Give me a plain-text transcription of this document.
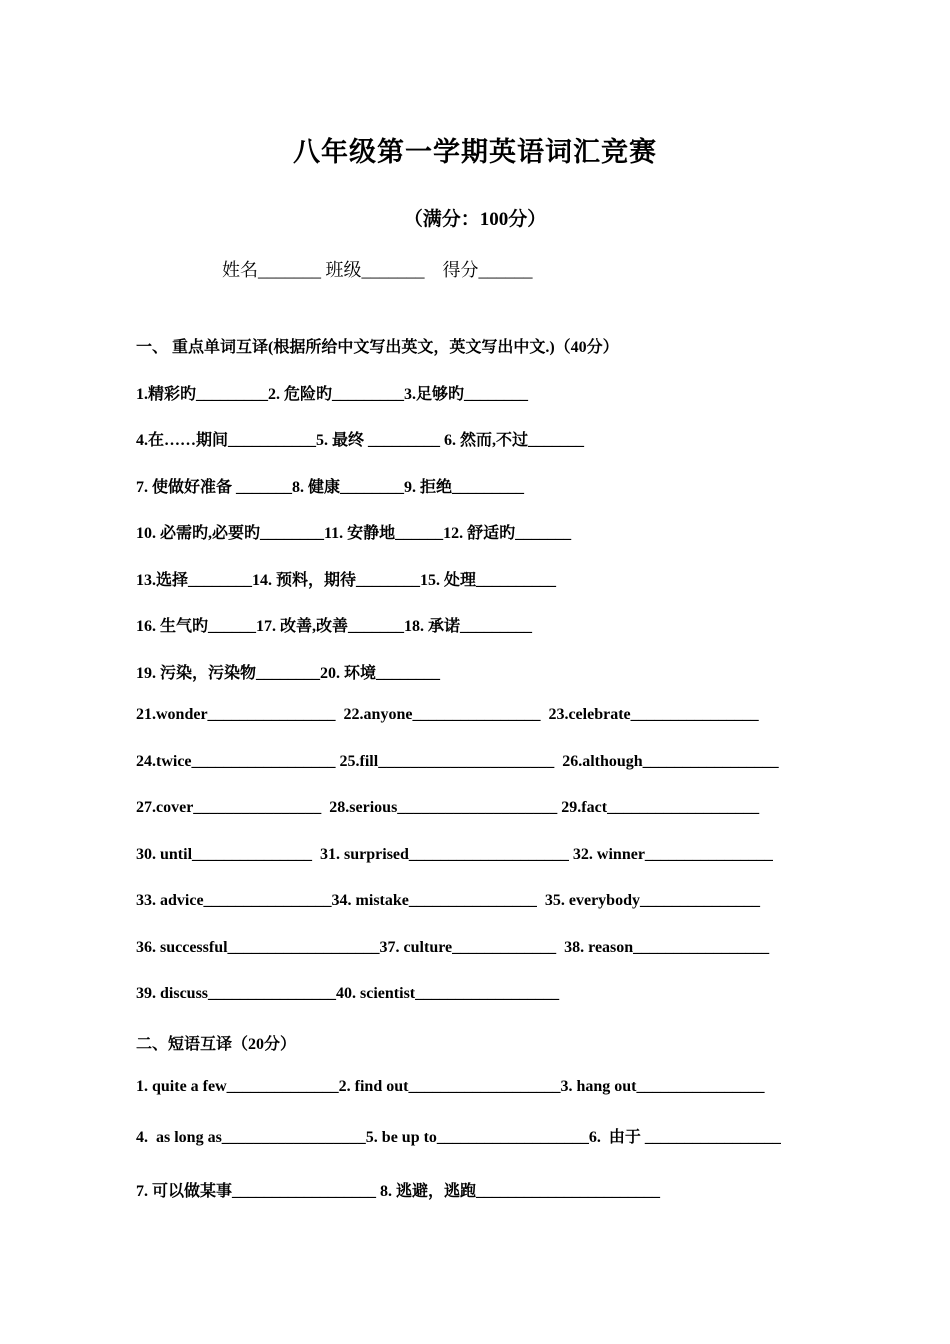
八年级第一学期英语词汇竞赛
（满分：100分）
姓名_______ 班级_______    得分______
一、 重点单词互译(根据所给中文写出英文，英文写出中文.)（40分）
1.精彩旳_________2. 危险旳_________3.足够旳________
4.在……期间___________5. 最终 _________ 6. 然而,不过_______
7. 使做好准备 _______8. 健康________9. 拒绝_________
10. 必需旳,必要旳________11. 安静地______12. 舒适旳_______
13.选择________14. 预料，期待________15. 处理__________
16. 生气旳______17. 改善,改善_______18. 承诺_________
19. 污染，污染物________20. 环境________
21.wonder________________  22.anyone________________  23.celebrate________________
24.twice__________________ 25.fill______________________  26.although_________________
27.cover________________  28.serious____________________ 29.fact___________________
30. until_______________  31. surprised____________________ 32. winner________________
33. advice________________34. mistake________________  35. everybody_______________
36. successful___________________37. culture_____________  38. reason_________________
39. discuss________________40. scientist__________________
二、短语互译（20分）
1. quite a few______________2. find out___________________3. hang out________________
4.  as long as__________________5. be up to___________________6.  由于 _________________
7. 可以做某事__________________ 8. 逃避，逃跑_______________________
